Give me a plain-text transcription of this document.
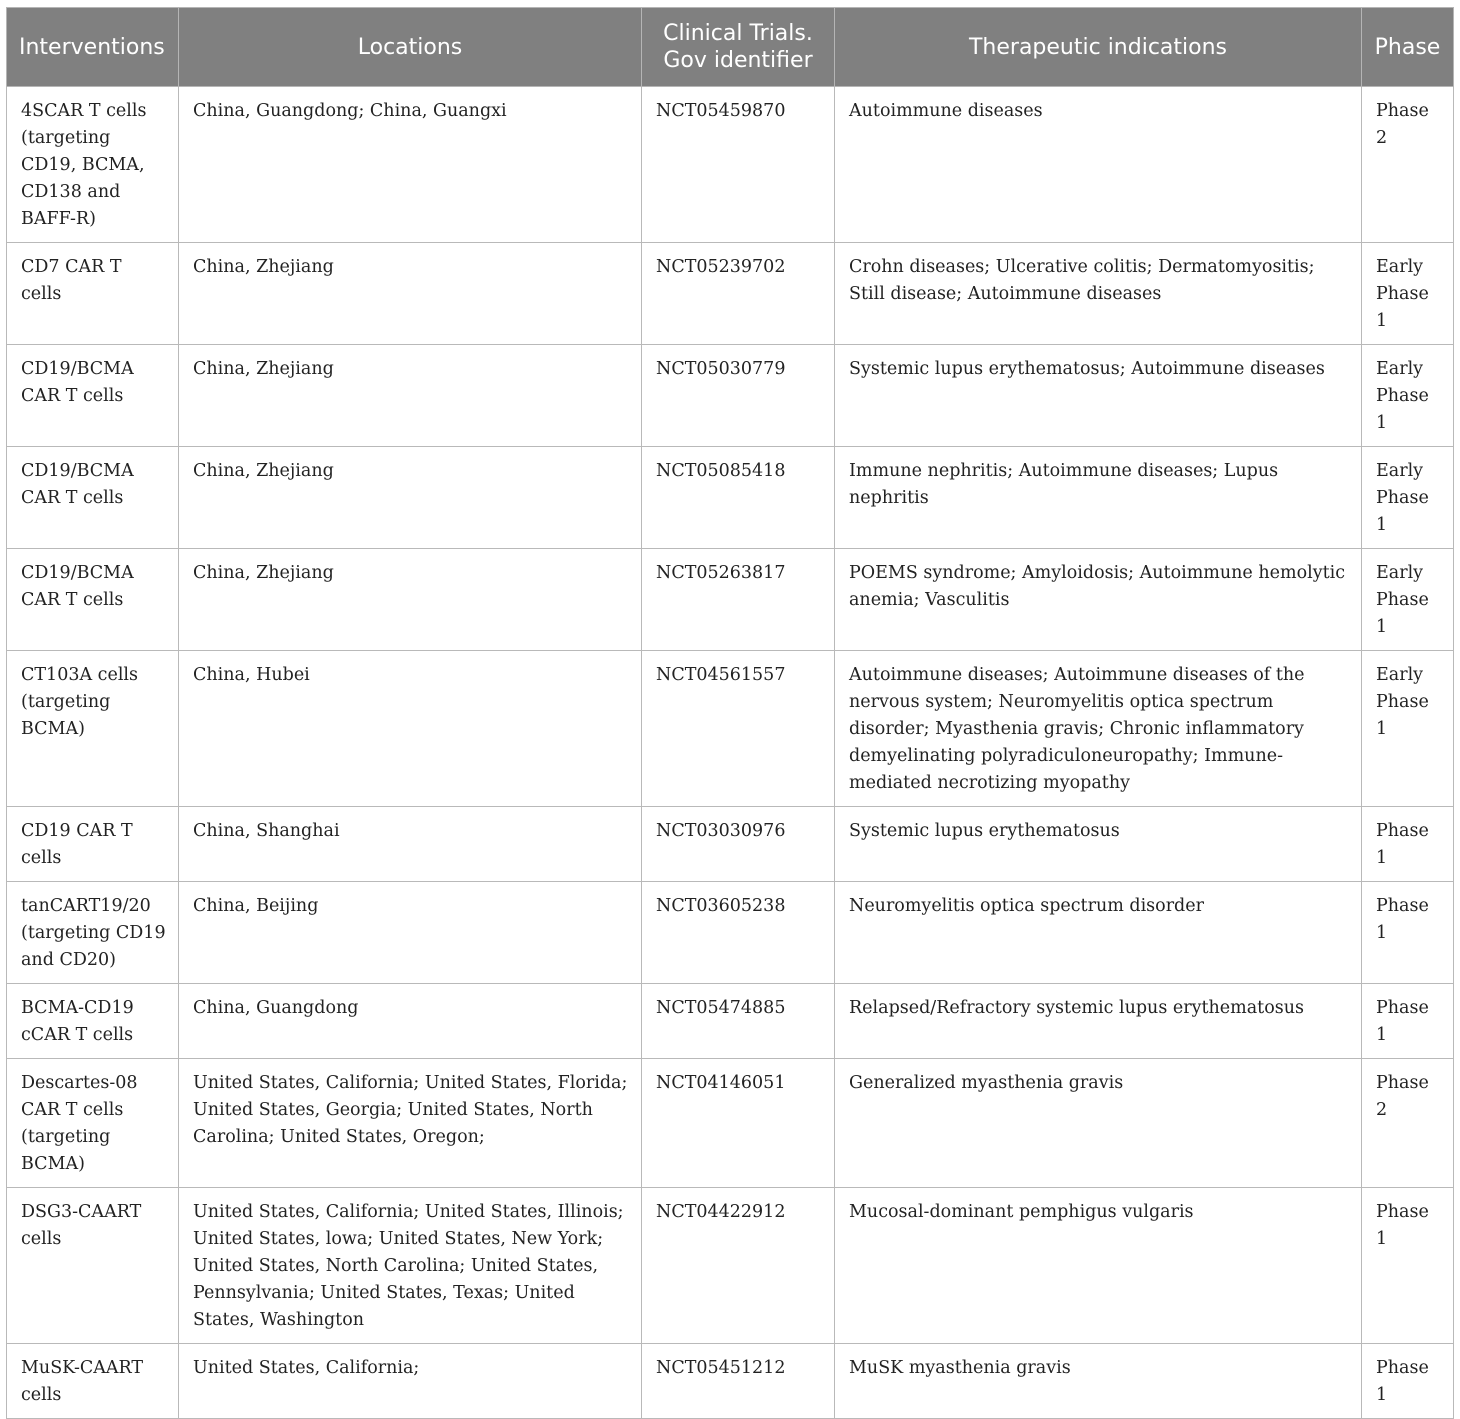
Interventions	Locations	Clinical Trials. Gov identifier	Therapeutic indications	Phase
4SCAR T cells (targeting CD19, BCMA, CD138 and BAFF-R)	China, Guangdong; China, Guangxi	NCT05459870	Autoimmune diseases	Phase 2
CD7 CAR T cells	China, Zhejiang	NCT05239702	Crohn diseases; Ulcerative colitis; Dermatomyositis; Still disease; Autoimmune diseases	Early Phase 1
CD19/BCMA CAR T cells	China, Zhejiang	NCT05030779	Systemic lupus erythematosus; Autoimmune diseases	Early Phase 1
CD19/BCMA CAR T cells	China, Zhejiang	NCT05085418	Immune nephritis; Autoimmune diseases; Lupus nephritis	Early Phase 1
CD19/BCMA CAR T cells	China, Zhejiang	NCT05263817	POEMS syndrome; Amyloidosis; Autoimmune hemolytic anemia; Vasculitis	Early Phase 1
CT103A cells (targeting BCMA)	China, Hubei	NCT04561557	Autoimmune diseases; Autoimmune diseases of the nervous system; Neuromyelitis optica spectrum disorder; Myasthenia gravis; Chronic inflammatory demyelinating polyradiculoneuropathy; Immune-mediated necrotizing myopathy	Early Phase 1
CD19 CAR T cells	China, Shanghai	NCT03030976	Systemic lupus erythematosus	Phase 1
tanCART19/20 (targeting CD19 and CD20)	China, Beijing	NCT03605238	Neuromyelitis optica spectrum disorder	Phase 1
BCMA-CD19 cCAR T cells	China, Guangdong	NCT05474885	Relapsed/Refractory systemic lupus erythematosus	Phase 1
Descartes-08 CAR T cells (targeting BCMA)	United States, California; United States, Florida; United States, Georgia; United States, North Carolina; United States, Oregon;	NCT04146051	Generalized myasthenia gravis	Phase 2
DSG3-CAART cells	United States, California; United States, Illinois; United States, lowa; United States, New York; United States, North Carolina; United States, Pennsylvania; United States, Texas; United States, Washington	NCT04422912	Mucosal-dominant pemphigus vulgaris	Phase 1
MuSK-CAART cells	United States, California;	NCT05451212	MuSK myasthenia gravis	Phase 1
